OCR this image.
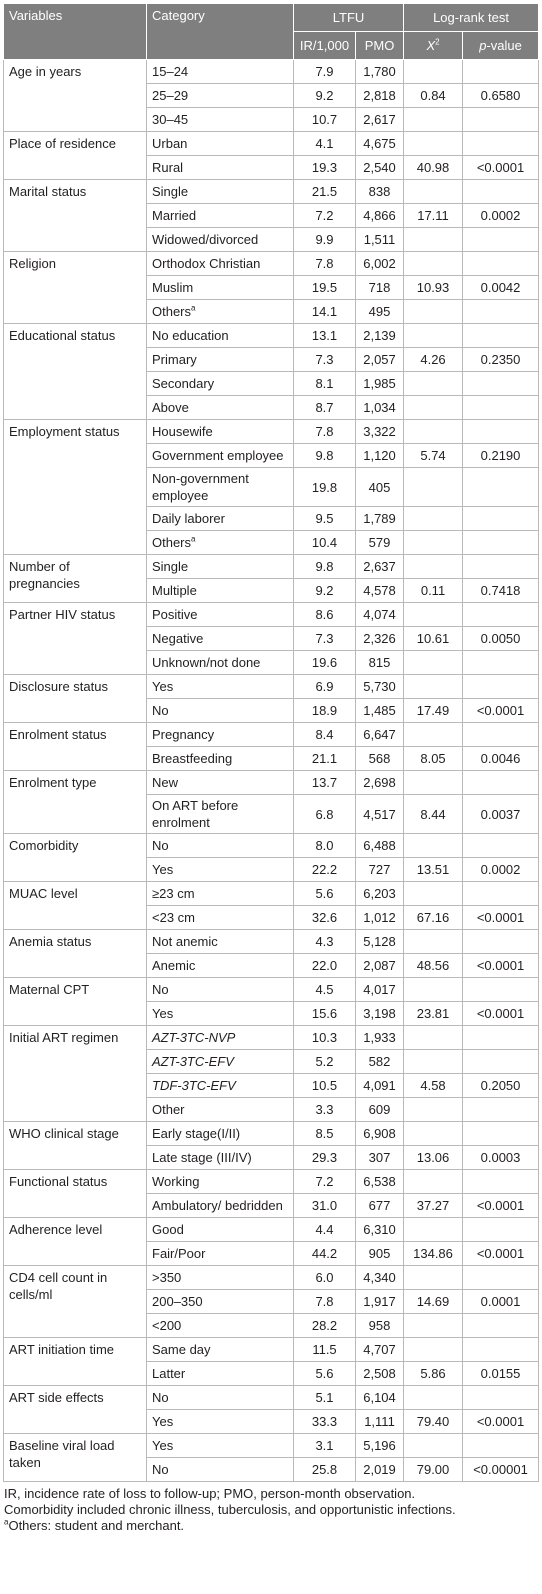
Variables	Category	LTFU		Log-rank test	
		IR/1,000	PMO	$X^2$	p-value
Age in years	15–24	7.9	1,780		
	25–29	9.2	2,818	0.84	0.6580
	30–45	10.7	2,617		
Place of residence	Urban	4.1	4,675		
	Rural	19.3	2,540	40.98	<0.0001
Marital status	Single	21.5	838		
	Married	7.2	4,866	17.11	0.0002
	Widowed/divorced	9.9	1,511		
Religion	Orthodox Christian	7.8	6,002		
	Muslim	19.5	718	10.93	0.0042
	Others$^a$	14.1	495		
Educational status	No education	13.1	2,139		
	Primary	7.3	2,057	4.26	0.2350
	Secondary	8.1	1,985		
	Above	8.7	1,034		
Employment status	Housewife	7.8	3,322		
	Government employee	9.8	1,120	5.74	0.2190
	Non-government employee	19.8	405		
	Daily laborer	9.5	1,789		
	Others$^a$	10.4	579		
Number of pregnancies	Single	9.8	2,637		
	Multiple	9.2	4,578	0.11	0.7418
Partner HIV status	Positive	8.6	4,074		
	Negative	7.3	2,326	10.61	0.0050
	Unknown/not done	19.6	815		
Disclosure status	Yes	6.9	5,730		
	No	18.9	1,485	17.49	<0.0001
Enrolment status	Pregnancy	8.4	6,647		
	Breastfeeding	21.1	568	8.05	0.0046
Enrolment type	New	13.7	2,698		
	On ART before enrolment	6.8	4,517	8.44	0.0037
Comorbidity	No	8.0	6,488		
	Yes	22.2	727	13.51	0.0002
MUAC level	≥23 cm	5.6	6,203		
	<23 cm	32.6	1,012	67.16	<0.0001
Anemia status	Not anemic	4.3	5,128		
	Anemic	22.0	2,087	48.56	<0.0001
Maternal CPT	No	4.5	4,017		
	Yes	15.6	3,198	23.81	<0.0001
Initial ART regimen	AZT-3TC-NVP	10.3	1,933		
	AZT-3TC-EFV	5.2	582		
	TDF-3TC-EFV	10.5	4,091	4.58	0.2050
	Other	3.3	609		
WHO clinical stage	Early stage(I/II)	8.5	6,908		
	Late stage (III/IV)	29.3	307	13.06	0.0003
Functional status	Working	7.2	6,538		
	Ambulatory/ bedridden	31.0	677	37.27	<0.0001
Adherence level	Good	4.4	6,310		
	Fair/Poor	44.2	905	134.86	<0.0001
CD4 cell count in cells/ml	>350	6.0	4,340		
	200–350	7.8	1,917	14.69	0.0001
	<200	28.2	958		
ART initiation time	Same day	11.5	4,707		
	Latter	5.6	2,508	5.86	0.0155
ART side effects	No	5.1	6,104		
	Yes	33.3	1,111	79.40	<0.0001
Baseline viral load taken	Yes	3.1	5,196		
	No	25.8	2,019	79.00	<0.00001
IR, incidence rate of loss to follow-up; PMO, person-month observation.
Comorbidity included chronic illness, tuberculosis, and opportunistic infections.
$^a$Others: student and merchant.
